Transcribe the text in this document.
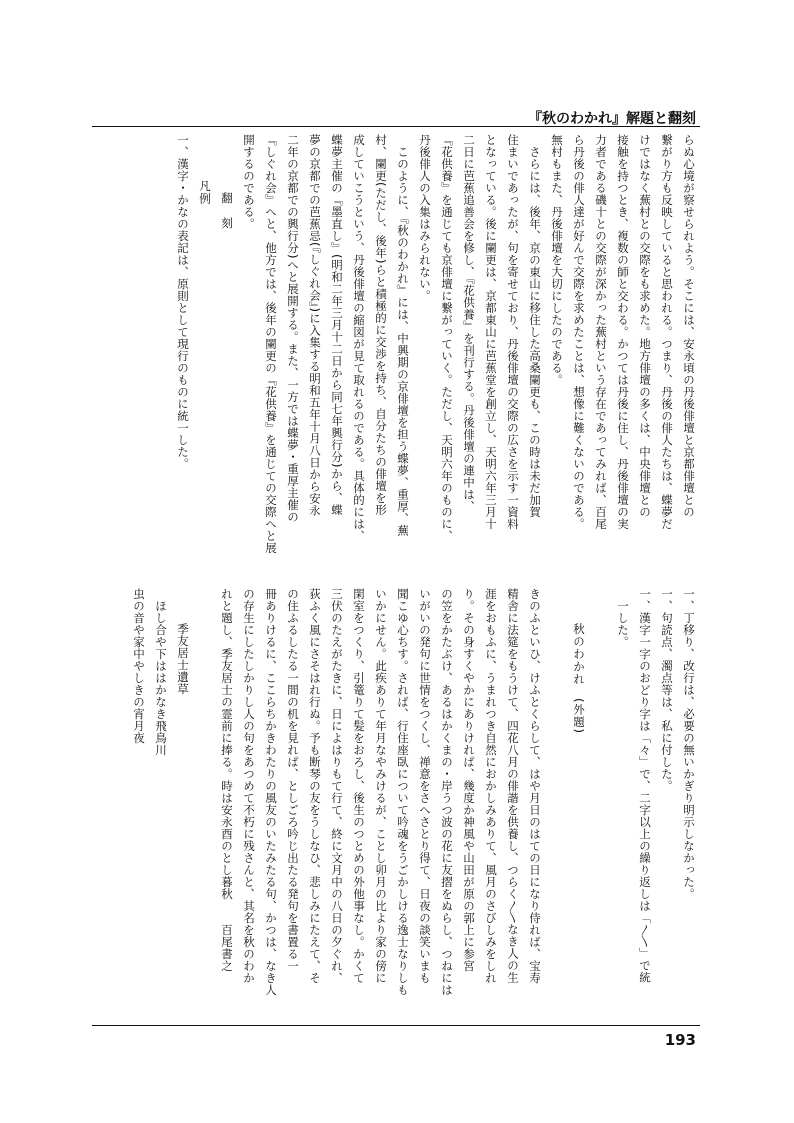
『秋のわかれ』解題と翻刻

らぬ心境が察せられよう。そこには、安永頃の丹後俳壇と京都俳壇との

繋がり方も反映していると思われる。つまり、丹後の俳人たちは、蝶夢だ

けではなく蕪村との交際をも求めた。地方俳壇の多くは、中央俳壇との

接触を持つとき、複数の師と交わる。かつては丹後に住し、丹後俳壇の実

力者である磯十との交際が深かった蕪村という存在であってみれば、百尾

ら丹後の俳人達が好んで交際を求めたことは、想像に難くないのである。

無村もまた、丹後俳壇を大切にしたのである。

さらには、後年、京の東山に移住した高桑闌更も、この時は未だ加賀

住まいであったが、句を寄せており、丹後俳壇の交際の広さを示す一資料

となっている。後に闌更は、京都東山に芭蕉堂を創立し、天明六年三月十

二日に芭蕉追善会を修し、『花供養』を刊行する。丹後俳壇の連中は、

『花供養』を通じても京俳壇に繋がっていく。ただし、天明六年のものに、

丹後俳人の入集はみられない。

このように、『秋のわかれ』には、中興期の京俳壇を担う蝶夢、重厚、蕪

村、闌更(ただし、後年)らと積極的に交渉を持ち、自分たちの俳壇を形

成していこうという、丹後俳壇の縮図が見て取れるのである。具体的には、

蝶夢主催の『墨直し』(明和二年三月十二日から同七年興行分)から、蝶

夢の京都での芭蕉忌(『しぐれ会』)に入集する明和五年十月八日から安永

二年の京都での興行分)へと展開する。また、一方では蝶夢・重厚主催の

『しぐれ会』へと、他方では、後年の闌更の『花供養』を通じての交際へと展

開するのである。

翻　刻

凡例

一、漢字・かなの表記は、原則として現行のものに統一した。

一、丁移り、改行は、必要の無いかぎり明示しなかった。

一、句読点、濁点等は、私に付した。

一、漢字一字のおどり字は「々」で、二字以上の繰り返しは「〱」で統

一した。

秋のわかれ　(外題)

きのふといひ、けふとくらして、はや月日のはての日になり侍れば、宝寿

精舎に法筵をもうけて、四花八月の俳諧を供養し、つらく〱なき人の生

涯をおもふに、うまれつき自然におかしみありて、風月のさびしみをしれ

り。その身すくやかにありければ、幾度か神風や山田が原の郭上に参宮

の笠をかたぶけ、あるはかくまの・岸うつ波の花に友摺をぬらし、つねには

いがいの発句に世情をつくし、禅意をさへさとり得て、日夜の談笑いまも

聞こゆ心ちす。されば、行住座臥について吟魂をうごかしける逸士なりしも

いかにせん。此疾ありて年月なやみけるが、ことし卯月の比より家の傍に

閑室をつくり、引篭りて髪をおろし、後生のつとめの外他事なし。かくて

三伏のたえがたきに、日によはりもて行て、終に文月中の八日の夕ぐれ、

荻ふく風にさそはれ行ぬ。予も断琴の友をうしなひ、悲しみにたえて、そ

の住ふるしたる一間の机を見れば、としごろ吟じ出たる発句を書置る一

冊ありけるに、ここらちかきわたりの風友のいたみたる句、かつは、なき人

の存生にしたしかりし人の句をあつめて不朽に残さんと、其名を秋のわか

れと題し、季友居士の霊前に捧る。時は安永酉のとし暮秋　　百尾書之

季友居士遺草

ほし合や下ははかなき飛鳥川

虫の音や家中やしきの宵月夜

193
